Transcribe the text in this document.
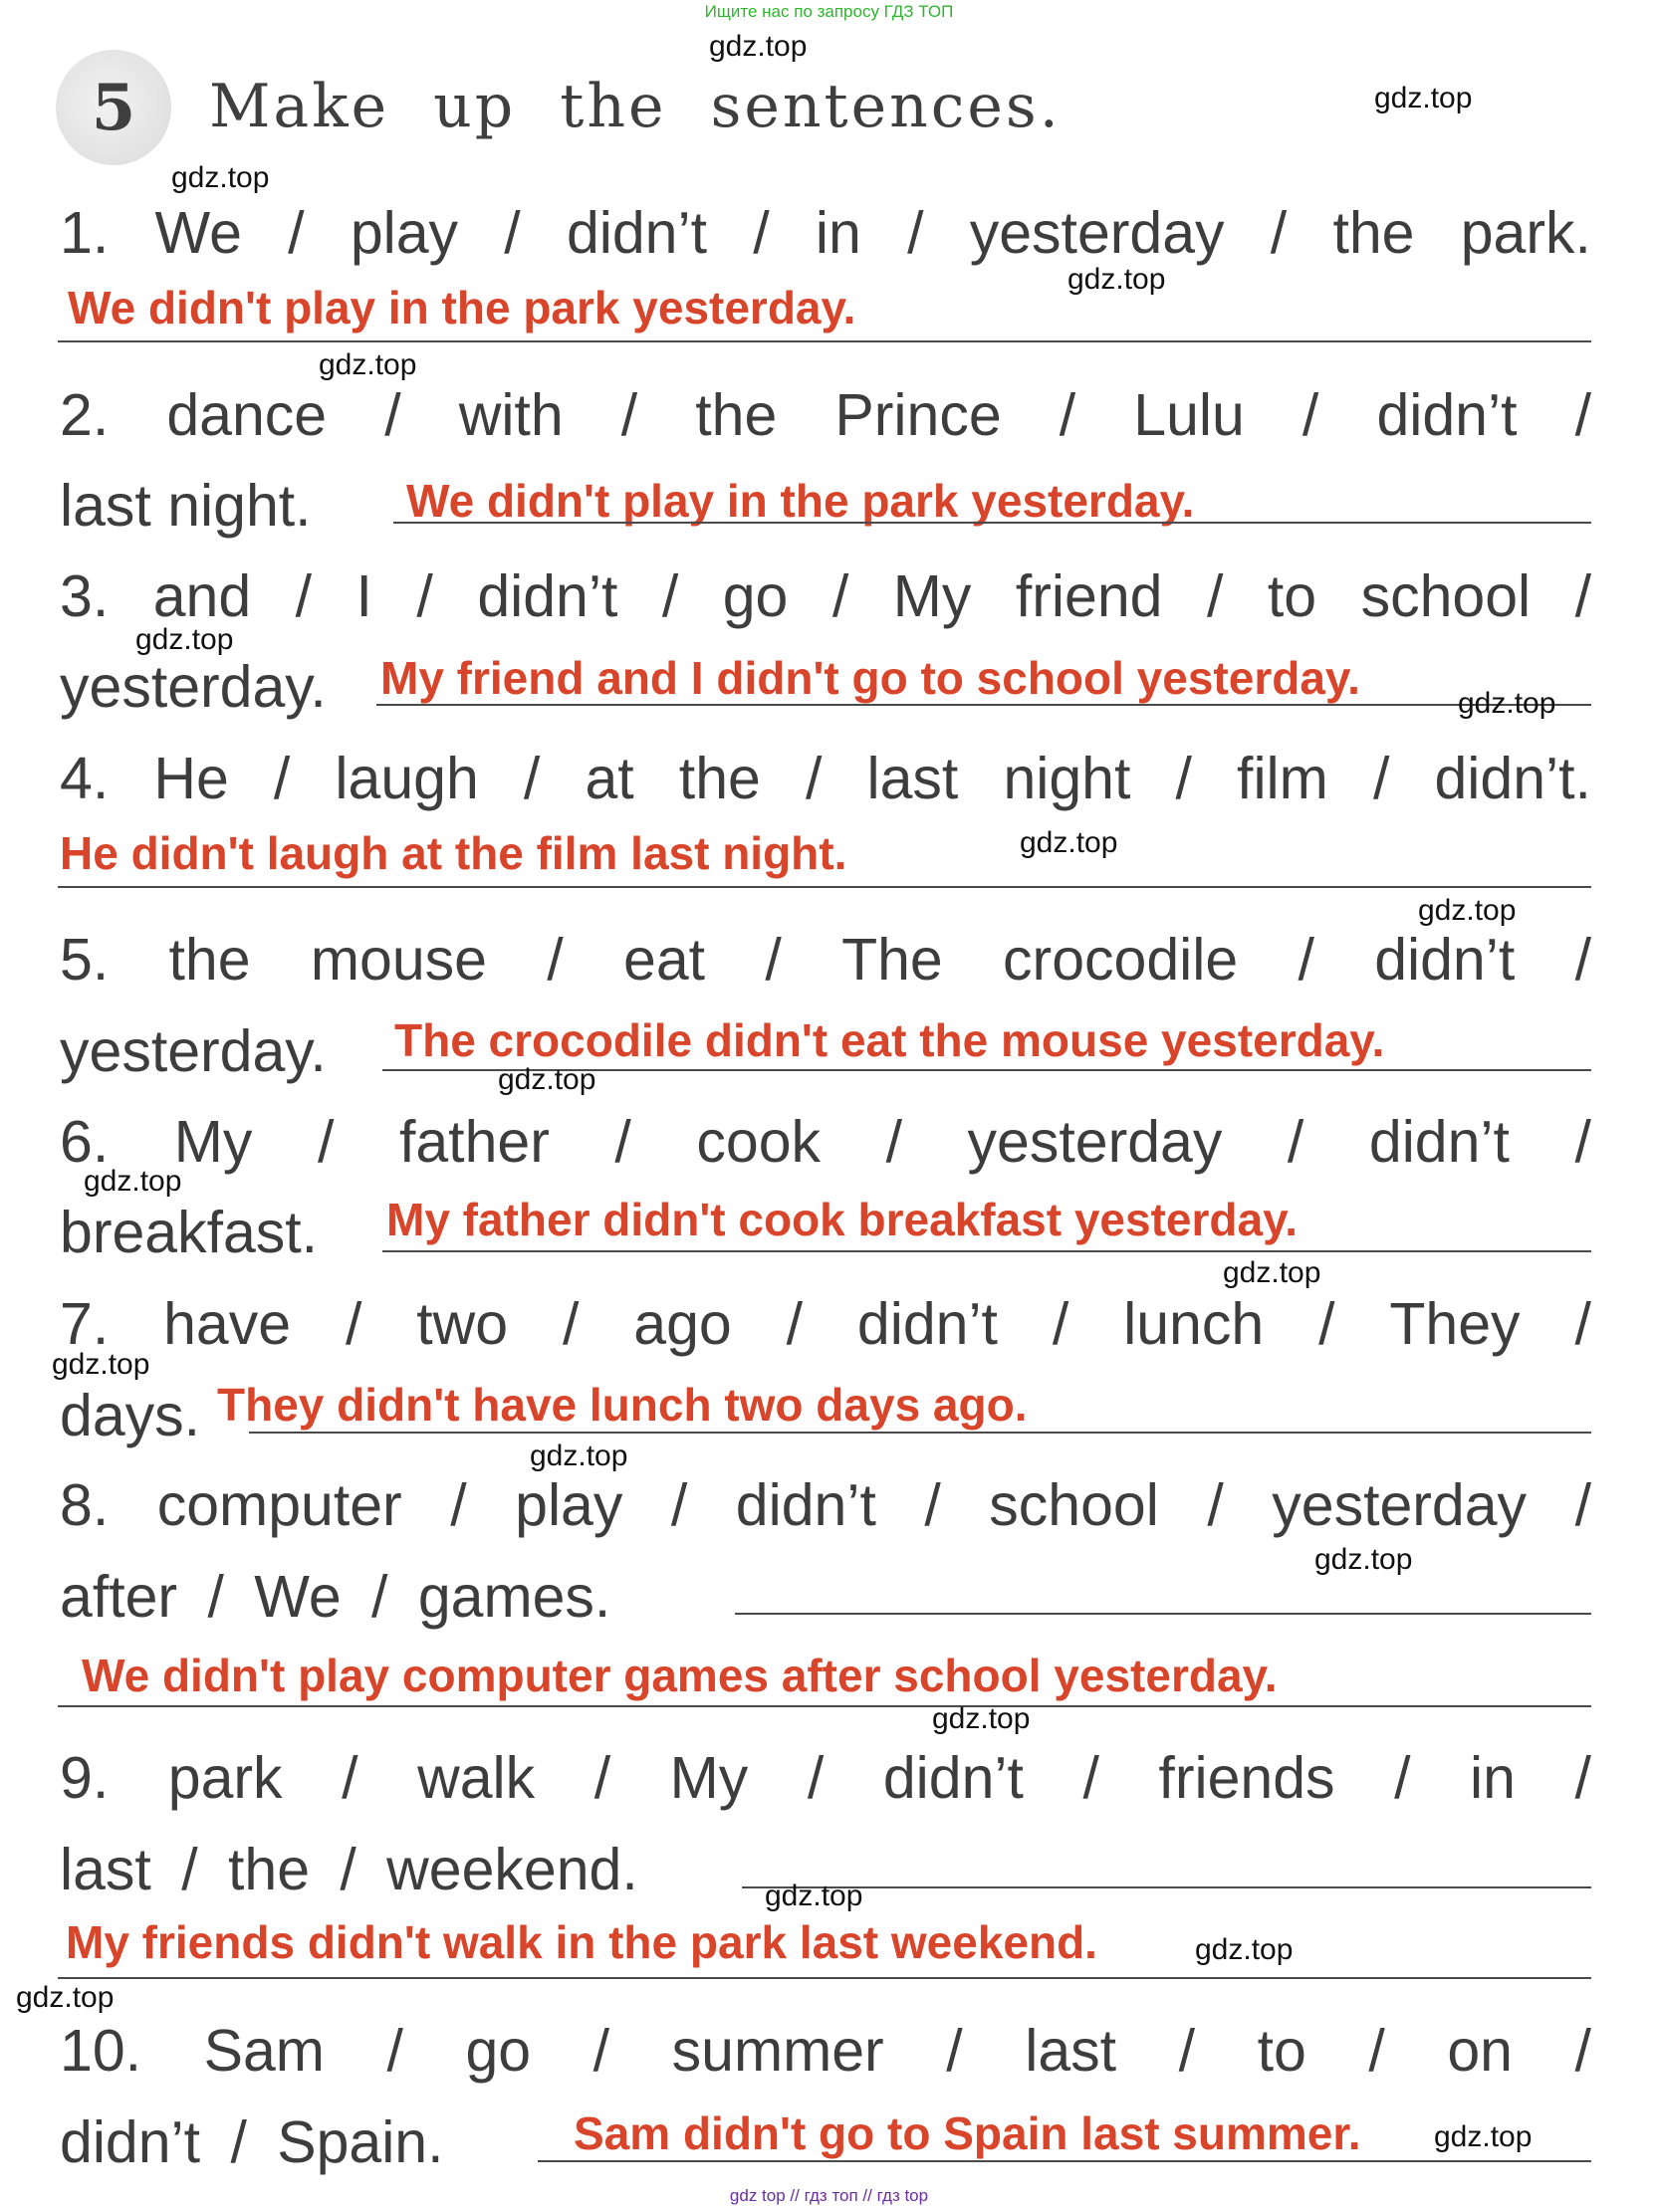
Ищите нас по запросу ГДЗ ТОП
5 Make up the sentences.
1. We / play / didn’t / in / yesterday / the park.
We didn't play in the park yesterday.
2. dance / with / the Prince / Lulu / didn’t /
last night. We didn't play in the park yesterday.
3. and / I / didn’t / go / My friend / to school /
yesterday. My friend and I didn't go to school yesterday.
4. He / laugh / at the / last night / film / didn’t.
He didn't laugh at the film last night.
5. the mouse / eat / The crocodile / didn’t /
yesterday. The crocodile didn't eat the mouse yesterday.
6. My / father / cook / yesterday / didn’t /
breakfast. My father didn't cook breakfast yesterday.
7. have / two / ago / didn’t / lunch / They /
days. They didn't have lunch two days ago.
8. computer / play / didn’t / school / yesterday /
after / We / games.
We didn't play computer games after school yesterday.
9. park / walk / My / didn’t / friends / in /
last / the / weekend.
My friends didn't walk in the park last weekend.
10. Sam / go / summer / last / to / on /
didn’t / Spain.	Sam didn't go to Spain last summer.
gdz.top
gdz.top
gdz.top
gdz.top
gdz.top
gdz.top
gdz.top
gdz.top
gdz.top
gdz.top
gdz.top
gdz.top
gdz.top
gdz.top
gdz.top
gdz.top
gdz.top
gdz.top
gdz.top
gdz.top
gdz top // гдз топ // гдз top
